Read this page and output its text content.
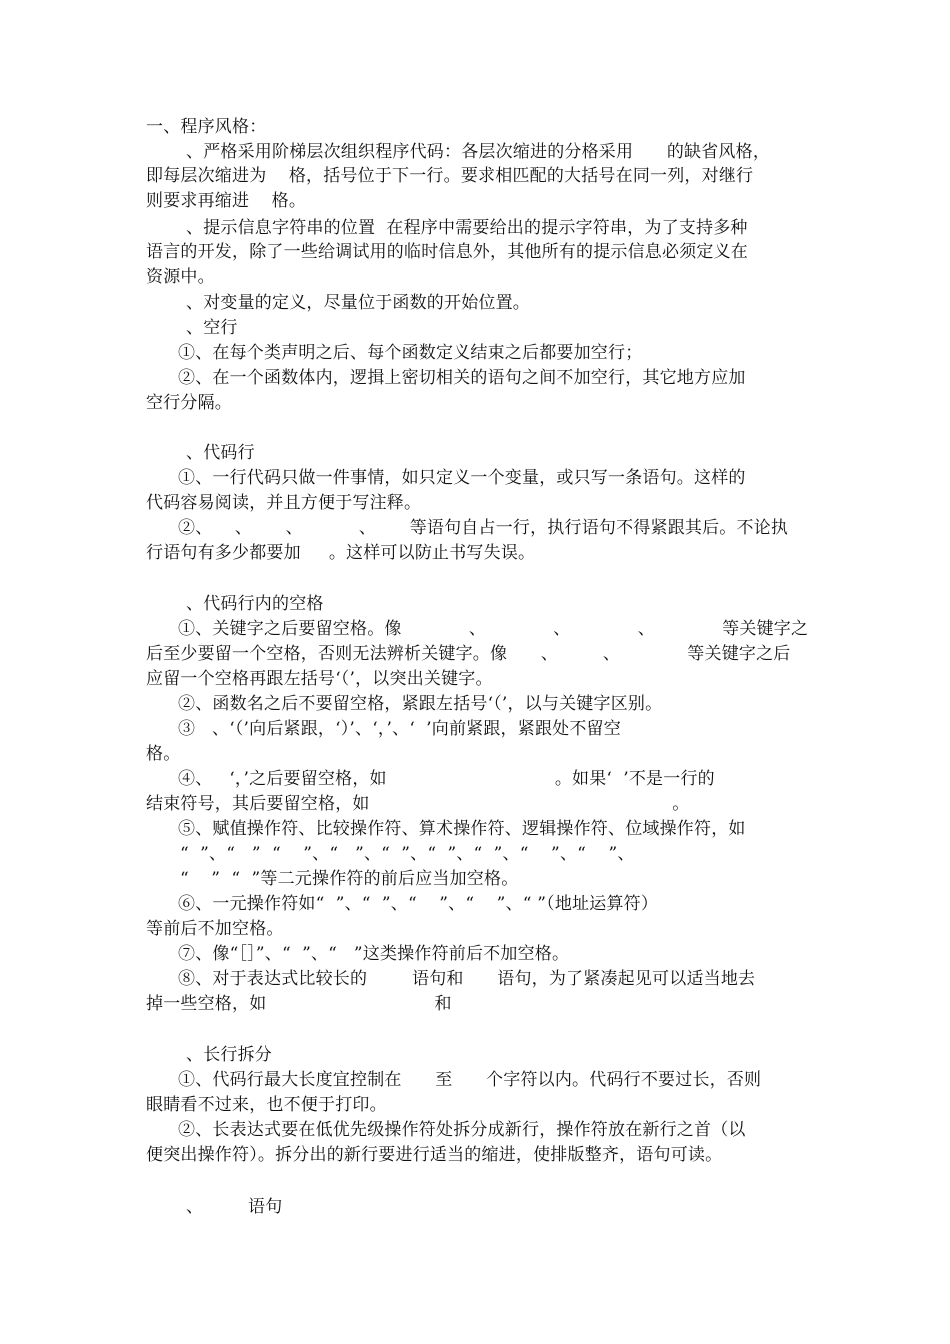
一、程序风格：
、严格采用阶梯层次组织程序代码：各层次缩进的分格采用      的缺省风格，
即每层次缩进为    格，括号位于下一行。要求相匹配的大括号在同一列，对继行
则要求再缩进    格。
、提示信息字符串的位置  在程序中需要给出的提示字符串，为了支持多种
语言的开发，除了一些给调试用的临时信息外，其他所有的提示信息必须定义在
资源中。
、对变量的定义，尽量位于函数的开始位置。
、空行
①、在每个类声明之后、每个函数定义结束之后都要加空行；
②、在一个函数体内，逻揖上密切相关的语句之间不加空行，其它地方应加
空行分隔。
、代码行
①、一行代码只做一件事情，如只定义一个变量，或只写一条语句。这样的
代码容易阅读，并且方便于写注释。
②、    、      、          、      等语句自占一行，执行语句不得紧跟其后。不论执
行语句有多少都要加     。这样可以防止书写失误。
、代码行内的空格
①、关键字之后要留空格。像            、            、            、            等关键字之
后至少要留一个空格，否则无法辨析关键字。像      、        、            等关键字之后
应留一个空格再跟左括号‘（’，以突出关键字。
②、函数名之后不要留空格，紧跟左括号‘（’，以与关键字区别。
③   、‘（’向后紧跟，‘）’、‘，’、‘  ’向前紧跟，紧跟处不留空
格。
④、   ‘，’之后要留空格，如                              。如果‘  ’不是一行的
结束符号，其后要留空格，如                                                      。
⑤、赋值操作符、比较操作符、算术操作符、逻辑操作符、位域操作符，如
“  ”、“   ”  “    ”、“   ”、“  ”、“  ”、“  ”、“    ”、“    ”、
“    ”  “  ”等二元操作符的前后应当加空格。
⑥、一元操作符如“  ”、“  ”、“    ”、“    ”、“ ”（地址运算符）
等前后不加空格。
⑦、像“［］”、“  ”、“   ”这类操作符前后不加空格。
⑧、对于表达式比较长的        语句和      语句，为了紧凑起见可以适当地去
掉一些空格，如                              和
、长行拆分
①、代码行最大长度宜控制在      至      个字符以内。代码行不要过长，否则
眼睛看不过来，也不便于打印。
②、长表达式要在低优先级操作符处拆分成新行，操作符放在新行之首（以
便突出操作符）。拆分出的新行要进行适当的缩进，使排版整齐，语句可读。
、        语句
